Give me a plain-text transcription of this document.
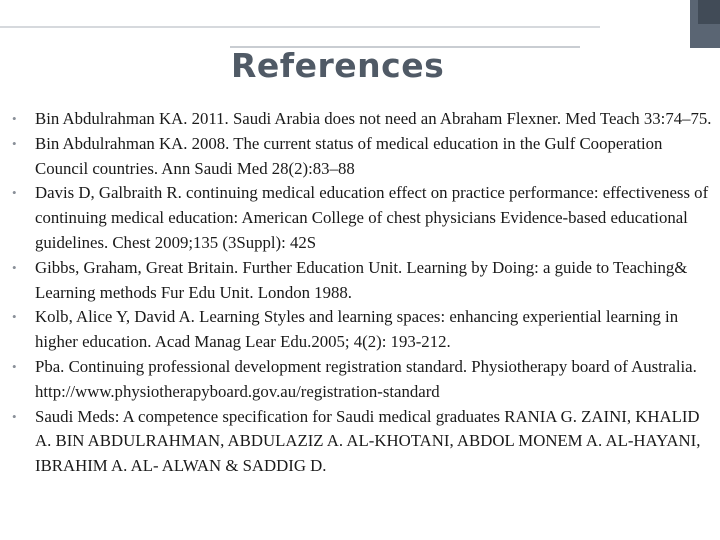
References
• Bin Abdulrahman KA. 2011. Saudi Arabia does not need an Abraham Flexner. Med Teach 33:74–75.
• Bin Abdulrahman KA. 2008. The current status of medical education in the Gulf Cooperation Council countries. Ann Saudi Med 28(2):83–88
• Davis D, Galbraith R. continuing medical education effect on practice performance: effectiveness of continuing medical education: American College of chest physicians Evidence-based educational guidelines. Chest 2009;135 (3Suppl): 42S
• Gibbs, Graham, Great Britain. Further Education Unit. Learning by Doing: a guide to Teaching& Learning methods Fur Edu Unit. London 1988.
• Kolb, Alice Y, David A. Learning Styles and learning spaces: enhancing experiential learning in higher education. Acad Manag Lear Edu.2005; 4(2): 193-212.
• Pba. Continuing professional development registration standard. Physiotherapy board of Australia. http://www.physiotherapyboard.gov.au/registration-standard
• Saudi Meds: A competence specification for Saudi medical graduates RANIA G. ZAINI, KHALID A. BIN ABDULRAHMAN, ABDULAZIZ A. AL-KHOTANI, ABDOL MONEM A. AL-HAYANI, IBRAHIM A. AL- ALWAN & SADDIG D.
